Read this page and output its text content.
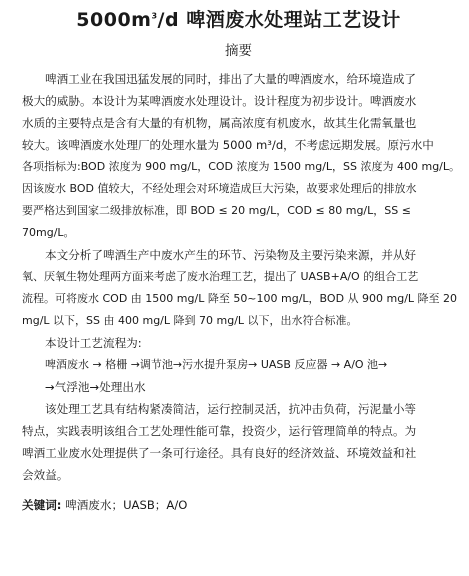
$5000m^3/d$ 啤酒废水处理站工艺设计
摘要
啤酒工业在我国迅猛发展的同时，排出了大量的啤酒废水，给环境造成了
极大的威胁。本设计为某啤酒废水处理设计。设计程度为初步设计。啤酒废水
水质的主要特点是含有大量的有机物，属高浓度有机废水，故其生化需氧量也
较大。该啤酒废水处理厂的处理水量为 5000 m³/d，不考虑远期发展。原污水中
各项指标为:BOD 浓度为 900 mg/L，COD 浓度为 1500 mg/L，SS 浓度为 400 mg/L。
因该废水 BOD 值较大，不经处理会对环境造成巨大污染，故要求处理后的排放水
要严格达到国家二级排放标准，即 BOD ≤ 20 mg/L，COD ≤ 80 mg/L，SS ≤
70mg/L。
本文分析了啤酒生产中废水产生的环节、污染物及主要污染来源，并从好
氧、厌氧生物处理两方面来考虑了废水治理工艺，提出了 UASB+A/O 的组合工艺
流程。可将废水 COD 由 1500 mg/L 降至 50~100 mg/L，BOD 从 900 mg/L 降至 20
mg/L 以下，SS 由 400 mg/L 降到 70 mg/L 以下，出水符合标准。
本设计工艺流程为:
啤酒废水 → 格栅 →调节池→污水提升泵房→ UASB 反应器 → A/O 池→
→气浮池→处理出水
该处理工艺具有结构紧凑简洁，运行控制灵活，抗冲击负荷，污泥量小等
特点，实践表明该组合工艺处理性能可靠，投资少，运行管理简单的特点。为
啤酒工业废水处理提供了一条可行途径。具有良好的经济效益、环境效益和社
会效益。
关键词: 啤酒废水；UASB；A/O
